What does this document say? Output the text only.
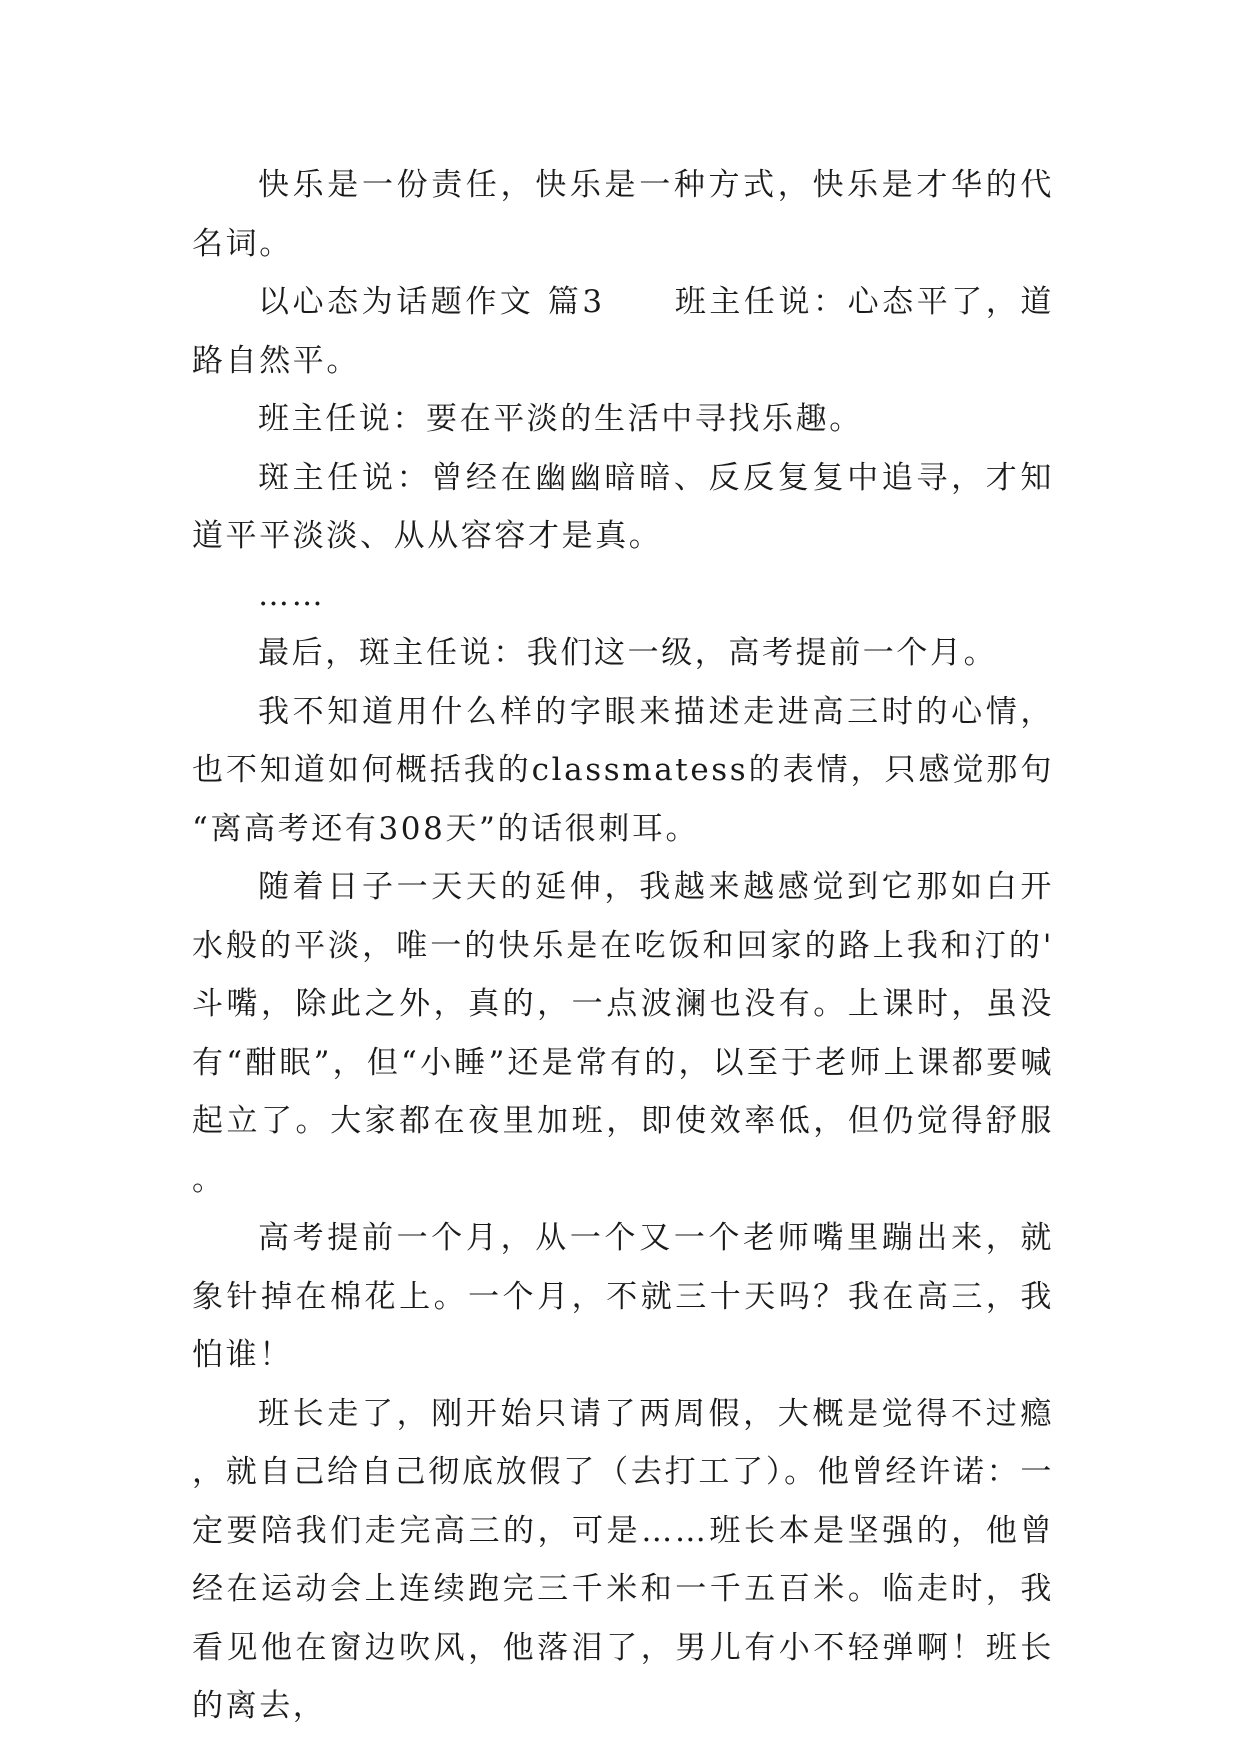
快乐是一份责任，快乐是一种方式，快乐是才华的代名词。

以心态为话题作文 篇3　　班主任说：心态平了，道路自然平。

班主任说：要在平淡的生活中寻找乐趣。

斑主任说：曾经在幽幽暗暗、反反复复中追寻，才知道平平淡淡、从从容容才是真。

……

最后，斑主任说：我们这一级，高考提前一个月。

我不知道用什么样的字眼来描述走进高三时的心情，也不知道如何概括我的classmatess的表情，只感觉那句“离高考还有308天”的话很刺耳。

随着日子一天天的延伸，我越来越感觉到它那如白开水般的平淡，唯一的快乐是在吃饭和回家的路上我和汀的'斗嘴，除此之外，真的，一点波澜也没有。上课时，虽没有“酣眠”，但“小睡”还是常有的，以至于老师上课都要喊起立了。大家都在夜里加班，即使效率低，但仍觉得舒服。

高考提前一个月，从一个又一个老师嘴里蹦出来，就象针掉在棉花上。一个月，不就三十天吗？我在高三，我怕谁！

班长走了，刚开始只请了两周假，大概是觉得不过瘾，就自己给自己彻底放假了（去打工了）。他曾经许诺：一定要陪我们走完高三的，可是……班长本是坚强的，他曾经在运动会上连续跑完三千米和一千五百米。临走时，我看见他在窗边吹风，他落泪了，男儿有小不轻弹啊！班长的离去，
